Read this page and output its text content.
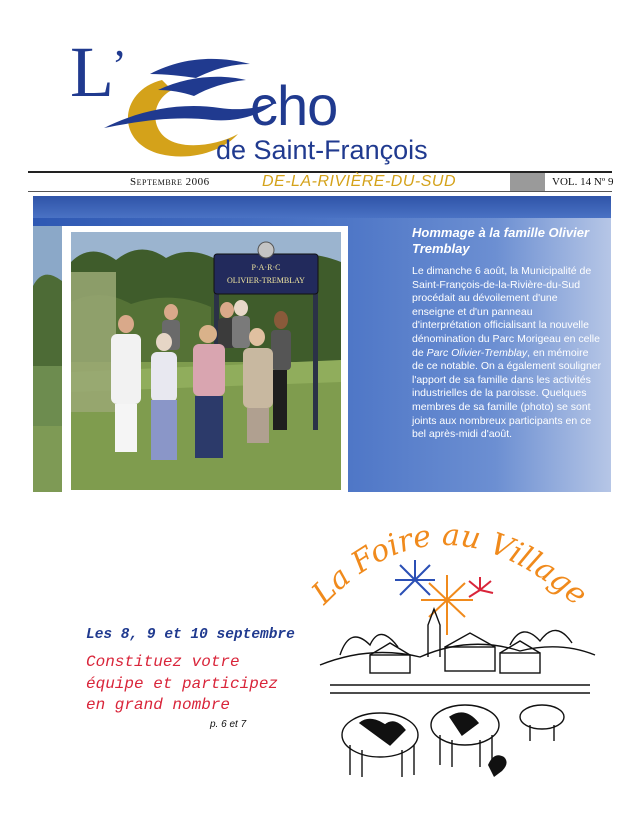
L
’
cho
de Saint-François
Septembre 2006	DE-LA-RIVIÈRE-DU-SUD	VOL. 14 Nº 9
P·A·R·C
OLIVIER-TREMBLAY
Hommage à la famille Olivier Tremblay
Le dimanche 6 août, la Municipalité de Saint-François-de-la-Rivière-du-Sud procédait au dévoilement d'une enseigne et d'un panneau d'interprétation officialisant la nouvelle dénomination du Parc Morigeau en celle de Parc Olivier-Tremblay, en mémoire de ce notable. On a également souligner l'apport de sa famille dans les activités industrielles de la paroisse. Quelques membres de sa famille (photo) se sont joints aux nombreux participants en ce bel après-midi d'août.
La Foire au Village
Les 8, 9 et 10 septembre
Constituez votre
équipe et participez
en grand nombre
p. 6 et 7
